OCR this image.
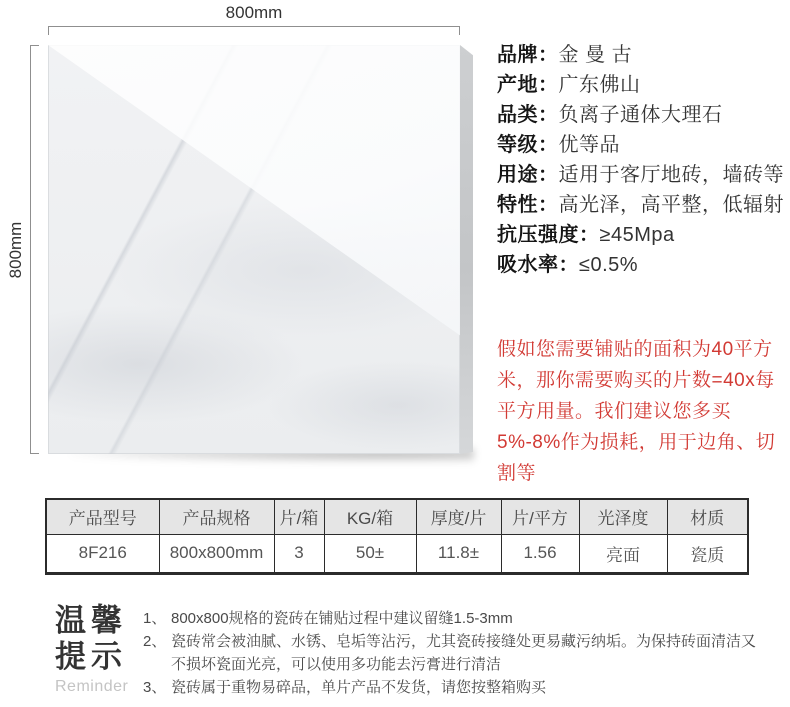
800mm
800mm
品牌：金 曼 古
产地：广东佛山
品类：负离子通体大理石
等级：优等品
用途：适用于客厅地砖，墙砖等
特性：高光泽，高平整，低辐射
抗压强度：≥45Mpa
吸水率：≤0.5%
假如您需要铺贴的面积为40平方米，那你需要购买的片数=40x每平方用量。我们建议您多买5%-8%作为损耗，用于边角、切割等
产品型号	产品规格	片/箱	KG/箱	厚度/片	片/平方	光泽度	材质
8F216	800x800mm	3	50±	11.8±	1.56	亮面	瓷质
温馨
提示
Reminder
1、 800x800规格的瓷砖在铺贴过程中建议留缝1.5-3mm
2、 瓷砖常会被油腻、水锈、皂垢等沾污，尤其瓷砖接缝处更易藏污纳垢。为保持砖面清洁又不损坏瓷面光亮，可以使用多功能去污膏进行清洁
3、 瓷砖属于重物易碎品，单片产品不发货，请您按整箱购买
